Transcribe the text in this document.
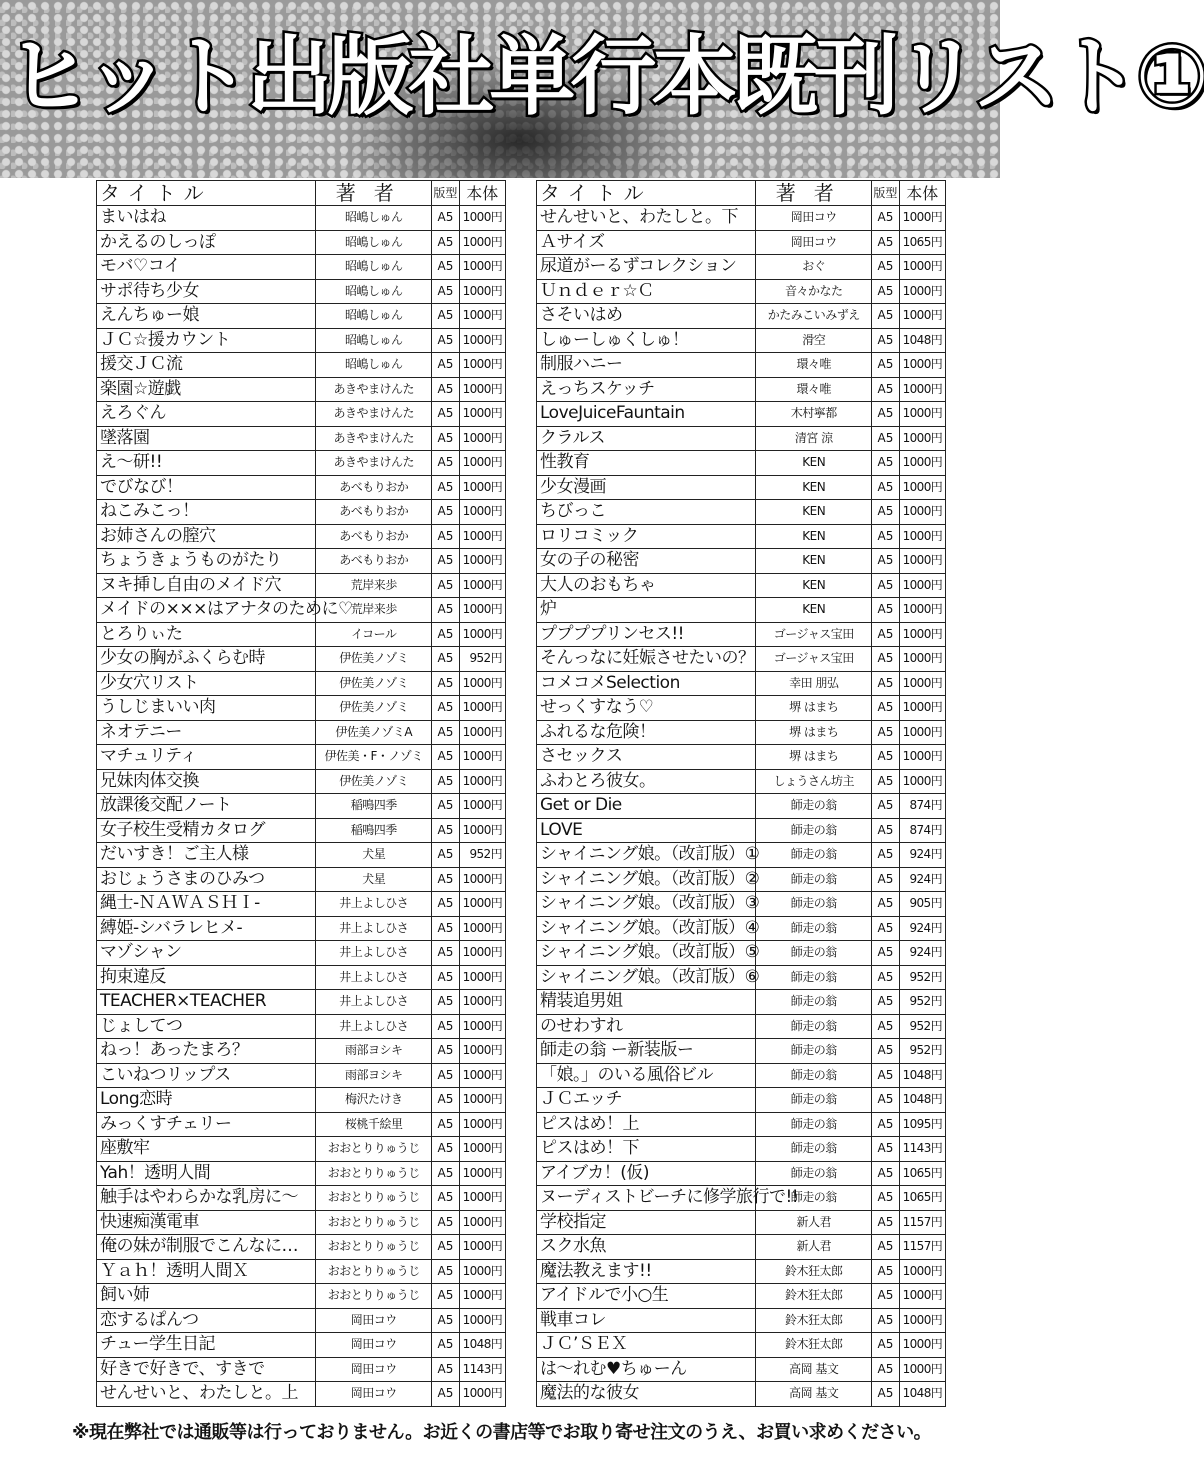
ヒット出版社単行本既刊リスト①
タイトル	著者	版型	本体
まいはね	昭嶋しゅん	A5	1000円
かえるのしっぽ	昭嶋しゅん	A5	1000円
モバ♡コイ	昭嶋しゅん	A5	1000円
サポ待ち少女	昭嶋しゅん	A5	1000円
えんちゅー娘	昭嶋しゅん	A5	1000円
ＪＣ☆援カウント	昭嶋しゅん	A5	1000円
援交ＪＣ流	昭嶋しゅん	A5	1000円
楽園☆遊戯	あきやまけんた	A5	1000円
えろぐん	あきやまけんた	A5	1000円
墜落園	あきやまけんた	A5	1000円
え～研!!	あきやまけんた	A5	1000円
でびなび！	あべもりおか	A5	1000円
ねこみこっ！	あべもりおか	A5	1000円
お姉さんの膣穴	あべもりおか	A5	1000円
ちょうきょうものがたり	あべもりおか	A5	1000円
ヌキ挿し自由のメイド穴	荒岸来歩	A5	1000円
メイドの×××はアナタのために♡	荒岸来歩	A5	1000円
とろりぃた	イコール	A5	1000円
少女の胸がふくらむ時	伊佐美ノゾミ	A5	952円
少女穴リスト	伊佐美ノゾミ	A5	1000円
うしじまいい肉	伊佐美ノゾミ	A5	1000円
ネオテニー	伊佐美ノゾミA	A5	1000円
マチュリティ	伊佐美・F・ノゾミ	A5	1000円
兄妹肉体交換	伊佐美ノゾミ	A5	1000円
放課後交配ノート	稲鳴四季	A5	1000円
女子校生受精カタログ	稲鳴四季	A5	1000円
だいすき！ご主人様	犬星	A5	952円
おじょうさまのひみつ	犬星	A5	1000円
縄士-ＮＡＷＡＳＨＩ-	井上よしひさ	A5	1000円
縛姫-シバラレヒメ-	井上よしひさ	A5	1000円
マゾシャン	井上よしひさ	A5	1000円
拘束違反	井上よしひさ	A5	1000円
TEACHER×TEACHER	井上よしひさ	A5	1000円
じょしてつ	井上よしひさ	A5	1000円
ねっ！あったまろ？	雨部ヨシキ	A5	1000円
こいねつリップス	雨部ヨシキ	A5	1000円
Long恋時	梅沢たけき	A5	1000円
みっくすチェリー	桜桃千絵里	A5	1000円
座敷牢	おおとりりゅうじ	A5	1000円
Yah！透明人間	おおとりりゅうじ	A5	1000円
触手はやわらかな乳房に～	おおとりりゅうじ	A5	1000円
快速痴漢電車	おおとりりゅうじ	A5	1000円
俺の妹が制服でこんなに…	おおとりりゅうじ	A5	1000円
Ｙａｈ！透明人間Ｘ	おおとりりゅうじ	A5	1000円
飼い姉	おおとりりゅうじ	A5	1000円
恋するぱんつ	岡田コウ	A5	1000円
チュー学生日記	岡田コウ	A5	1048円
好きで好きで、すきで	岡田コウ	A5	1143円
せんせいと、わたしと。上	岡田コウ	A5	1000円
タイトル	著者	版型	本体
せんせいと、わたしと。下	岡田コウ	A5	1000円
Ａサイズ	岡田コウ	A5	1065円
尿道がーるずコレクション	おぐ	A5	1000円
Ｕｎｄｅｒ☆Ｃ	音々かなた	A5	1000円
さそいはめ	かたみこいみずえ	A5	1000円
しゅーしゅくしゅ！	滑空	A5	1048円
制服ハニー	環々唯	A5	1000円
えっちスケッチ	環々唯	A5	1000円
LoveJuiceFauntain	木村寧都	A5	1000円
クラルス	清宮 涼	A5	1000円
性教育	KEN	A5	1000円
少女漫画	KEN	A5	1000円
ちびっこ	KEN	A5	1000円
ロリコミック	KEN	A5	1000円
女の子の秘密	KEN	A5	1000円
大人のおもちゃ	KEN	A5	1000円
炉	KEN	A5	1000円
ププププリンセス!!	ゴージャス宝田	A5	1000円
そんっなに妊娠させたいの？	ゴージャス宝田	A5	1000円
コメコメSelection	幸田 朋弘	A5	1000円
せっくすなう♡	堺 はまち	A5	1000円
ふれるな危険！	堺 はまち	A5	1000円
さセックス	堺 はまち	A5	1000円
ふわとろ彼女。	しょうさん坊主	A5	1000円
Get or Die	師走の翁	A5	874円
LOVE	師走の翁	A5	874円
シャイニング娘。（改訂版）①	師走の翁	A5	924円
シャイニング娘。（改訂版）②	師走の翁	A5	924円
シャイニング娘。（改訂版）③	師走の翁	A5	905円
シャイニング娘。（改訂版）④	師走の翁	A5	924円
シャイニング娘。（改訂版）⑤	師走の翁	A5	924円
シャイニング娘。（改訂版）⑥	師走の翁	A5	952円
精装追男姐	師走の翁	A5	952円
のせわすれ	師走の翁	A5	952円
師走の翁 ー新装版ー	師走の翁	A5	952円
「娘。」のいる風俗ビル	師走の翁	A5	1048円
ＪＣエッチ	師走の翁	A5	1048円
ピスはめ！上	師走の翁	A5	1095円
ピスはめ！下	師走の翁	A5	1143円
アイブカ！(仮)	師走の翁	A5	1065円
ヌーディストビーチに修学旅行で!!	師走の翁	A5	1065円
学校指定	新人君	A5	1157円
スク水魚	新人君	A5	1157円
魔法教えます!!	鈴木狂太郎	A5	1000円
アイドルで小○生	鈴木狂太郎	A5	1000円
戦車コレ	鈴木狂太郎	A5	1000円
ＪＣ’ＳＥＸ	鈴木狂太郎	A5	1000円
は～れむ♥ちゅーん	高岡 基文	A5	1000円
魔法的な彼女	高岡 基文	A5	1048円
※現在弊社では通販等は行っておりません。お近くの書店等でお取り寄せ注文のうえ、お買い求めください。
